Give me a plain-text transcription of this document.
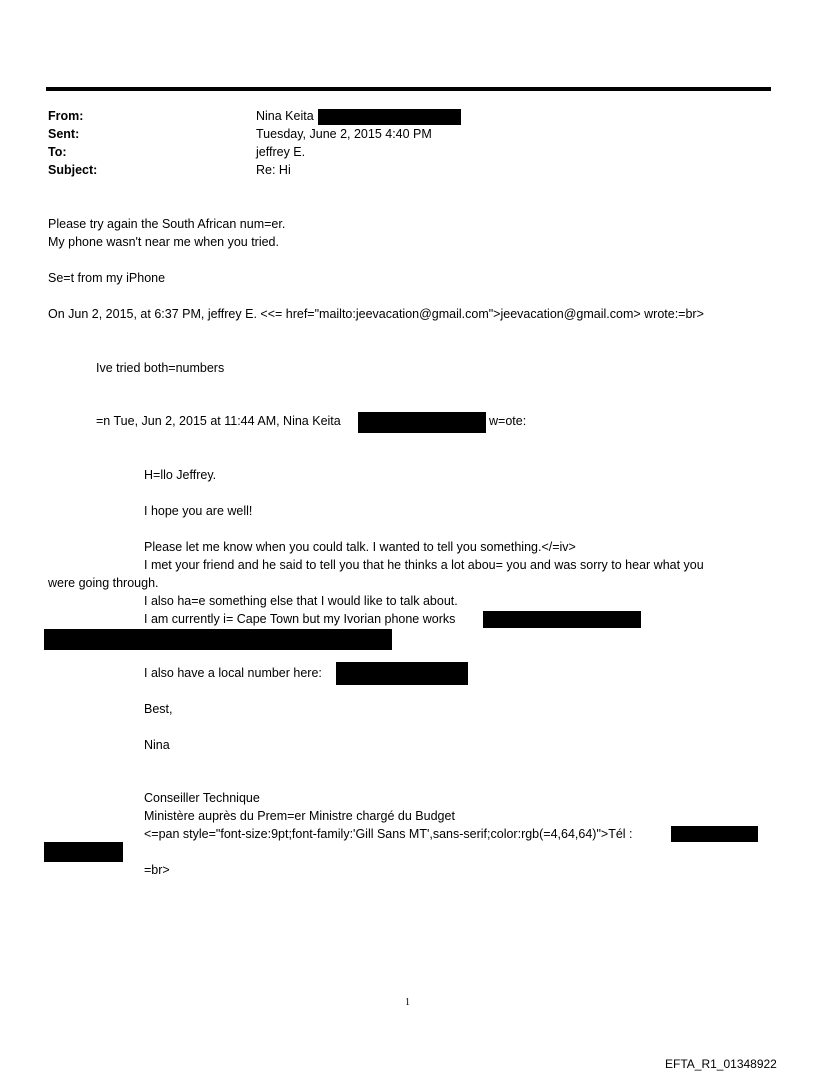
From:
Sent:
To:
Subject:
Nina Keita
Tuesday, June 2, 2015 4:40 PM
jeffrey E.
Re: Hi
Please try again the South African num=er.
My phone wasn't near me when you tried.
Se=t from my iPhone
On Jun 2, 2015, at 6:37 PM, jeffrey E. <<= href="mailto:jeevacation@gmail.com">jeevacation@gmail.com> wrote:=br>
Ive tried both=numbers
=n Tue, Jun 2, 2015 at 11:44 AM, Nina Keita	w=ote:
H=llo Jeffrey.
I hope you are well!
Please let me know when you could talk. I wanted to tell you something.</=iv>
I met your friend and he said to tell you that he thinks a lot abou= you and was sorry to hear what you
were going through.
I also ha=e something else that I would like to talk about.
I am currently i= Cape Town but my Ivorian phone works
I also have a local number here:
Best,
Nina
Conseiller Technique
Ministère auprès du Prem=er Ministre chargé du Budget
<=pan style="font-size:9pt;font-family:'Gill Sans MT',sans-serif;color:rgb(=4,64,64)">Tél :
=br>
1
EFTA_R1_01348922
